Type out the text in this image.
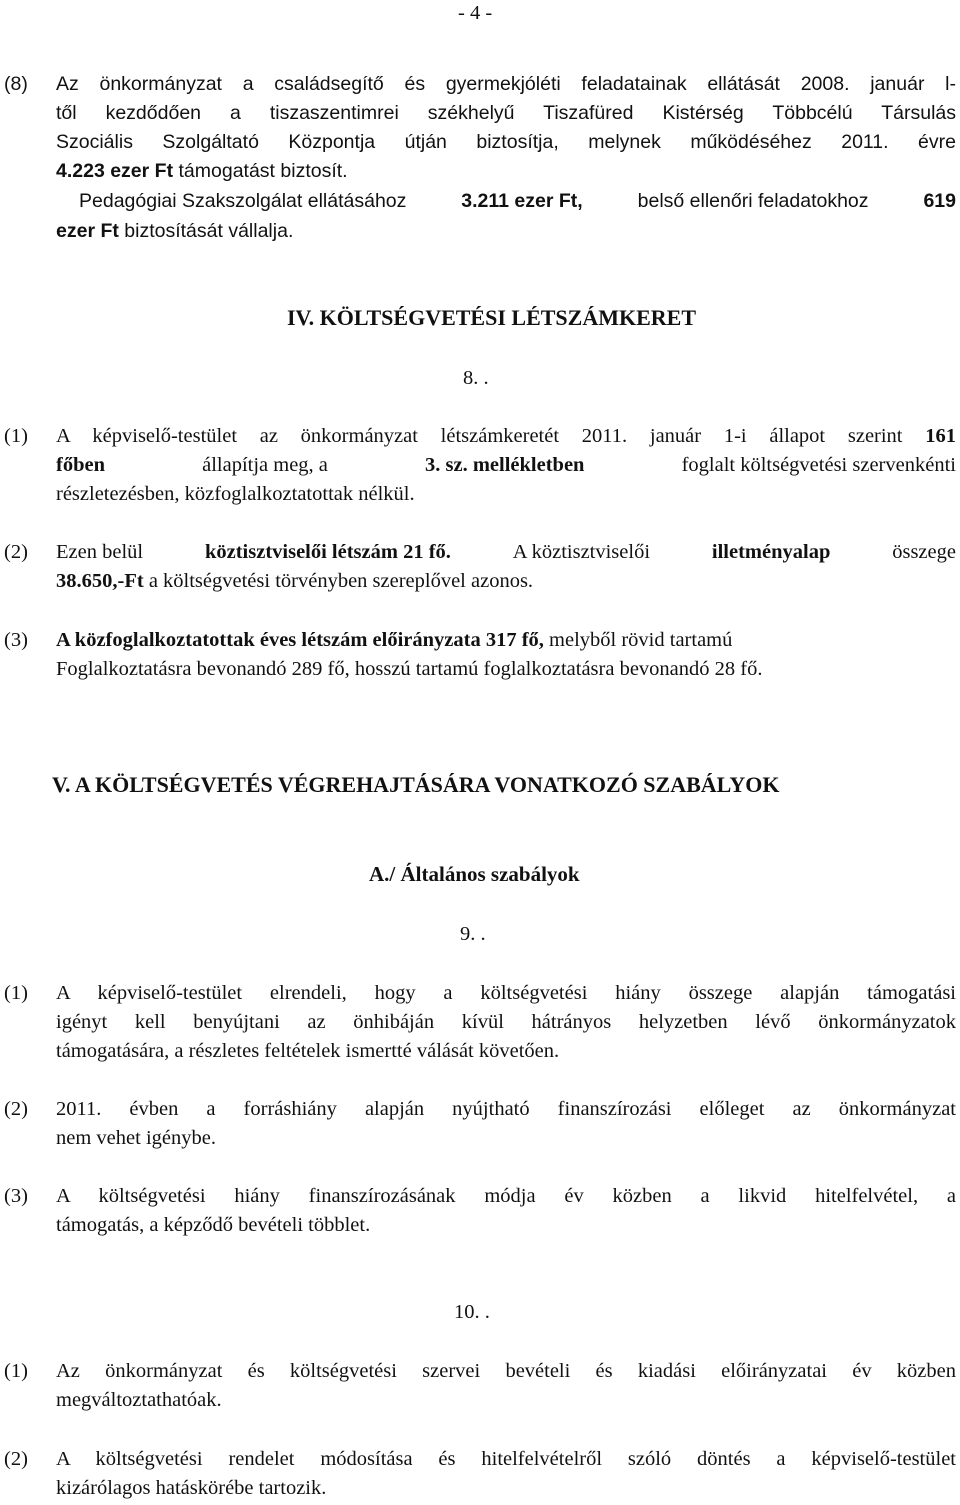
- 4 -
(8) Az önkormányzat a családsegítő és gyermekjóléti feladatainak ellátását 2008. január l-
től kezdődően a tiszaszentimrei székhelyű Tiszafüred Kistérség Többcélú Társulás
Szociális Szolgáltató Központja útján biztosítja, melynek működéséhez 2011. évre
4.223 ezer Ft támogatást biztosít.
Pedagógiai Szakszolgálat ellátásához	3.211 ezer Ft,	belső ellenőri feladatokhoz	619
ezer Ft biztosítását vállalja.
IV. KÖLTSÉGVETÉSI LÉTSZÁMKERET
8. .
(1) A képviselő-testület az önkormányzat létszámkeretét 2011. január 1-i állapot szerint 161
főben	állapítja meg, a	3. sz. mellékletben	foglalt költségvetési szervenkénti
részletezésben, közfoglalkoztatottak nélkül.
(2) Ezen belül	köztisztviselői létszám 21 fő.	A köztisztviselői	illetményalap	összege
38.650,-Ft a költségvetési törvényben szereplővel azonos.
(3) A közfoglalkoztatottak éves létszám előirányzata 317 fő, melyből rövid tartamú
Foglalkoztatásra bevonandó 289 fő, hosszú tartamú foglalkoztatásra bevonandó 28 fő.
V. A KÖLTSÉGVETÉS VÉGREHAJTÁSÁRA VONATKOZÓ SZABÁLYOK
A./ Általános szabályok
9. .
(1) A képviselő-testület elrendeli, hogy a költségvetési hiány összege alapján támogatási
igényt kell benyújtani az önhibáján kívül hátrányos helyzetben lévő önkormányzatok
támogatására, a részletes feltételek ismertté válását követően.
(2) 2011. évben a forráshiány alapján nyújtható finanszírozási előleget az önkormányzat
nem vehet igénybe.
(3) A költségvetési hiány finanszírozásának módja év közben a likvid hitelfelvétel, a
támogatás, a képződő bevételi többlet.
10. .
(1) Az önkormányzat és költségvetési szervei bevételi és kiadási előirányzatai év közben
megváltoztathatóak.
(2) A költségvetési rendelet módosítása és hitelfelvételről szóló döntés a képviselő-testület
kizárólagos hatáskörébe tartozik.
